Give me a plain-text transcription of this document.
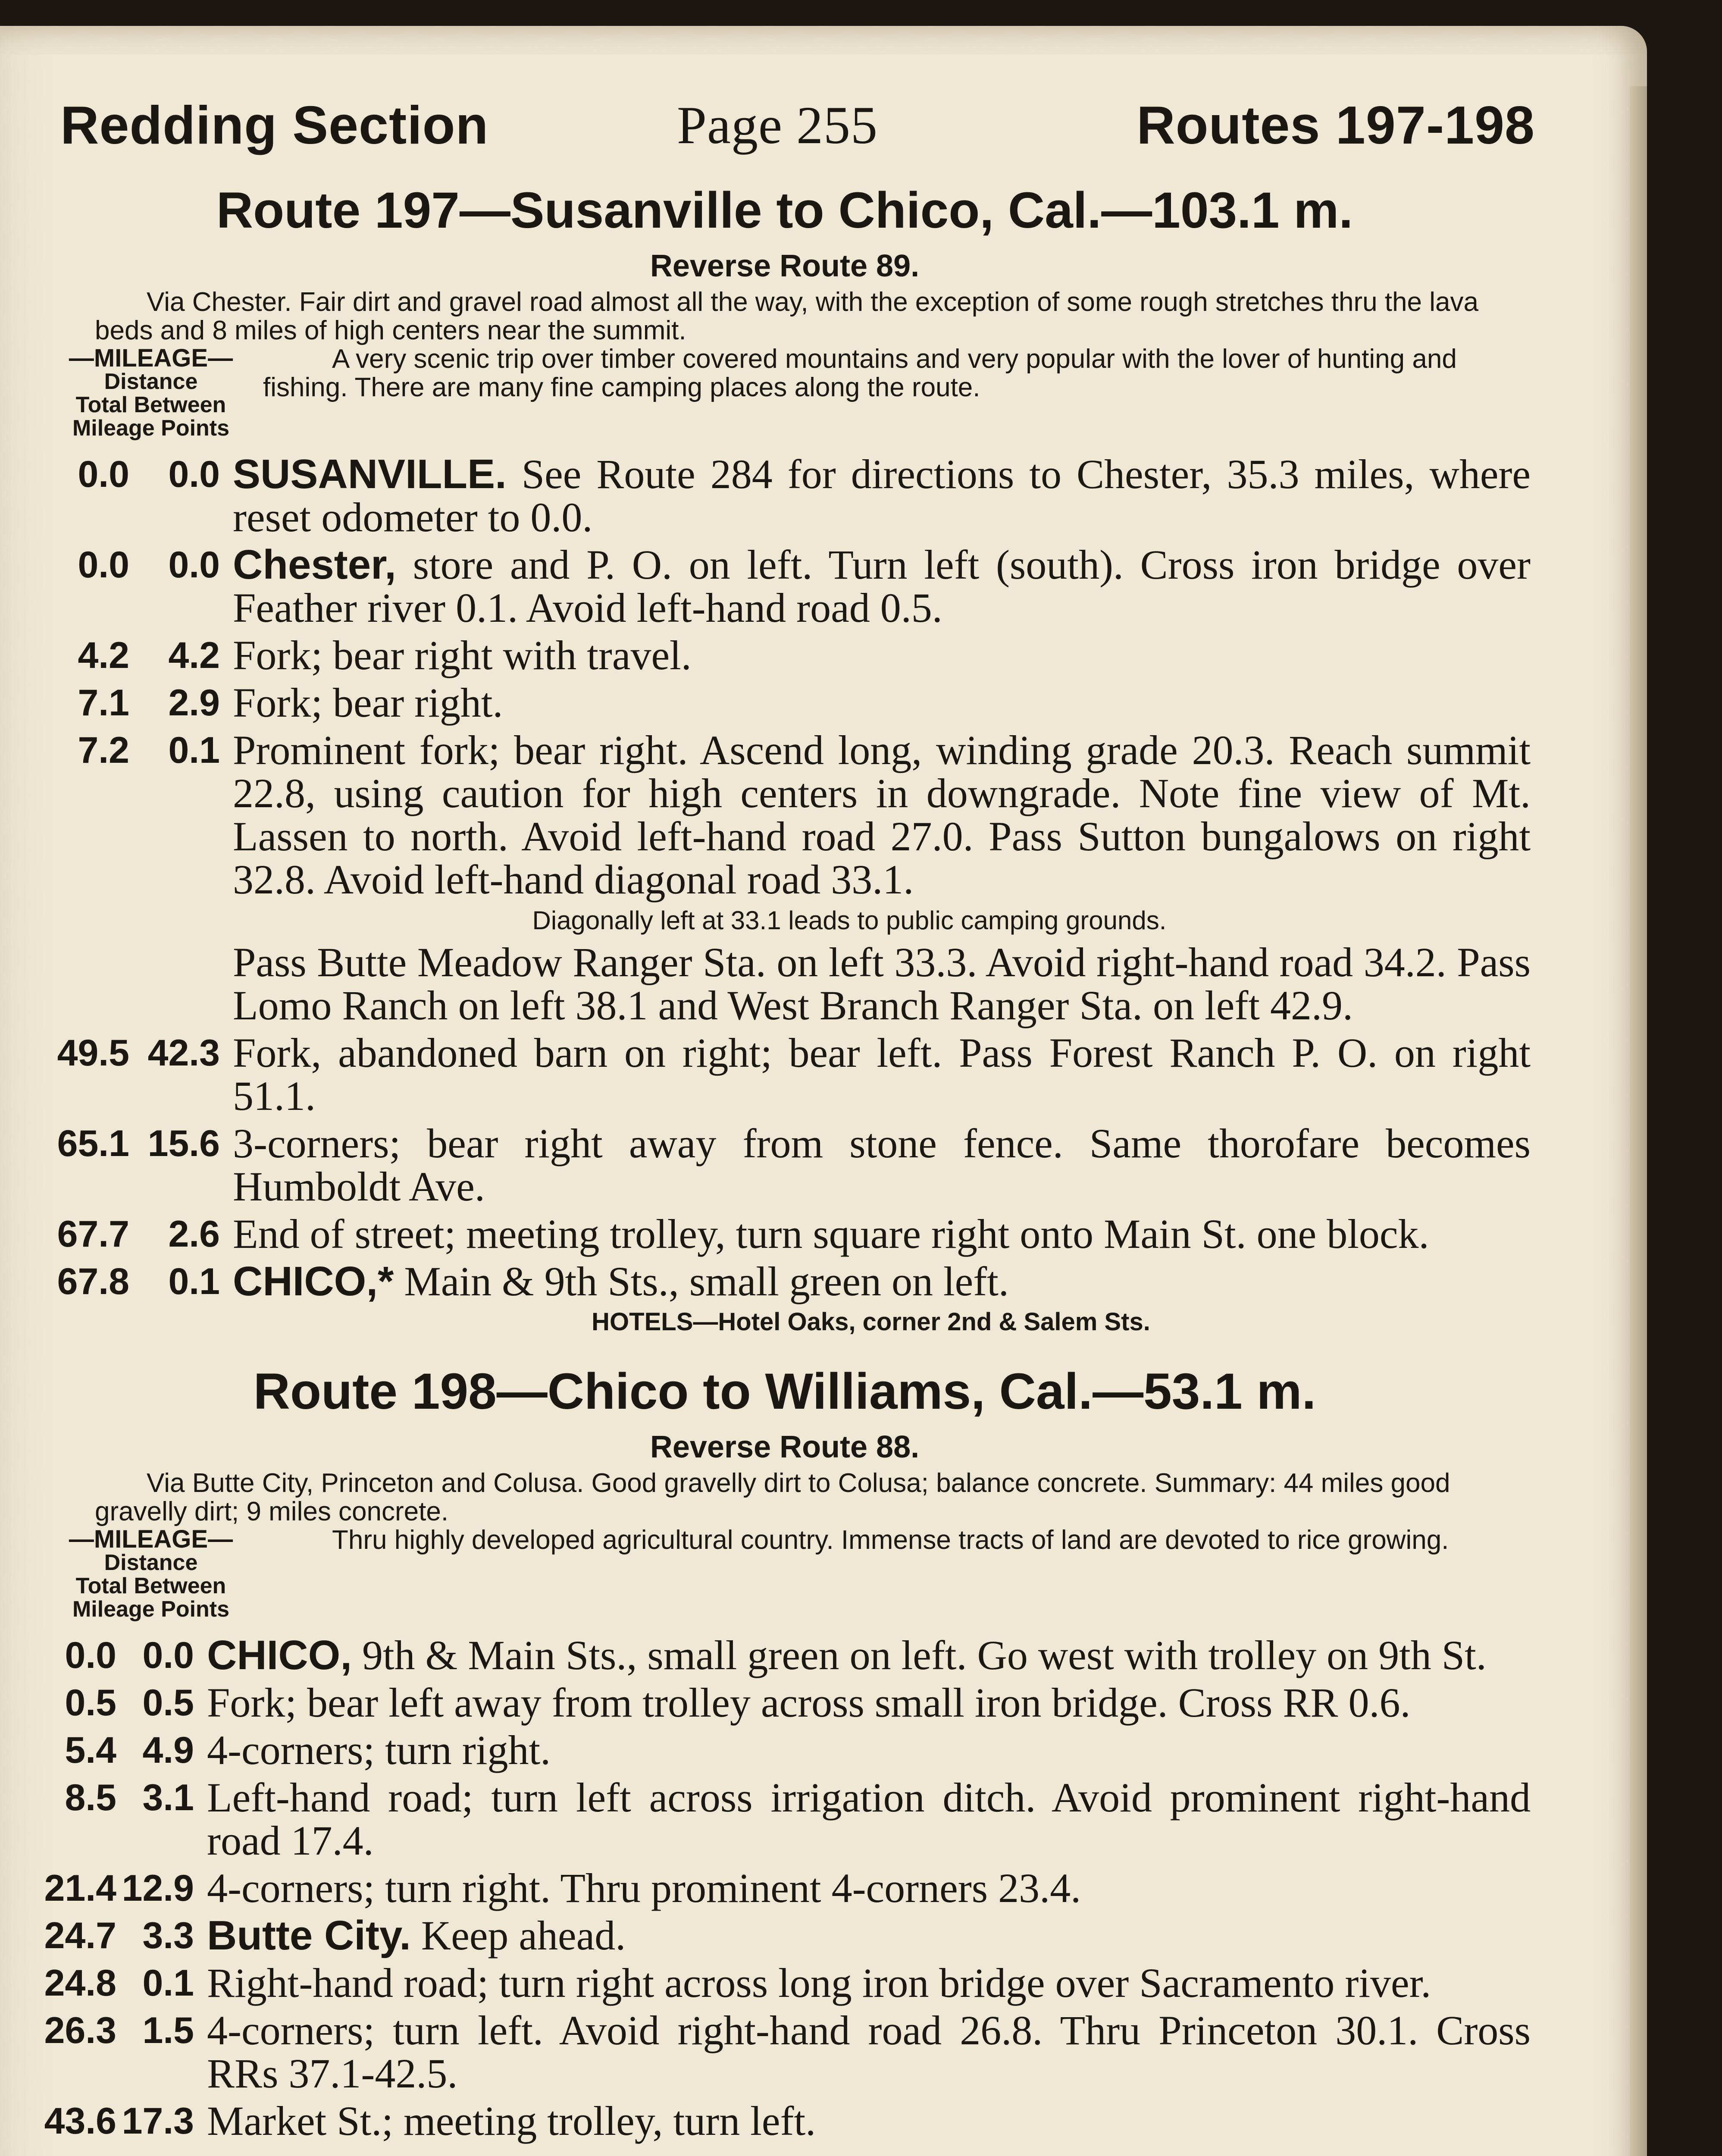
Redding Section	Page 255	Routes 197-198
Route 197—Susanville to Chico, Cal.—103.1 m.
Reverse Route 89.
Via Chester. Fair dirt and gravel road almost all the way, with the exception of some rough stretches thru the lava beds and 8 miles of high centers near the summit.
—MILEAGE—
Distance
Total Between
Mileage Points
A very scenic trip over timber covered mountains and very popular with the lover of hunting and fishing. There are many fine camping places along the route.
0.0	0.0 SUSANVILLE. See Route 284 for directions to Chester, 35.3 miles, where reset odometer to 0.0.
0.0	0.0 Chester, store and P. O. on left. Turn left (south). Cross iron bridge over Feather river 0.1. Avoid left-hand road 0.5.
4.2	4.2 Fork; bear right with travel.
7.1	2.9 Fork; bear right.
7.2	0.1 Prominent fork; bear right. Ascend long, winding grade 20.3. Reach summit 22.8, using caution for high centers in downgrade. Note fine view of Mt. Lassen to north. Avoid left-hand road 27.0. Pass Sutton bungalows on right 32.8. Avoid left-hand diagonal road 33.1.
Diagonally left at 33.1 leads to public camping grounds.
Pass Butte Meadow Ranger Sta. on left 33.3. Avoid right-hand road 34.2. Pass Lomo Ranch on left 38.1 and West Branch Ranger Sta. on left 42.9.
49.5 42.3 Fork, abandoned barn on right; bear left. Pass Forest Ranch P. O. on right 51.1.
65.1 15.6 3-corners; bear right away from stone fence. Same thorofare becomes Humboldt Ave.
67.7	2.6 End of street; meeting trolley, turn square right onto Main St. one block.
67.8	0.1 CHICO,* Main & 9th Sts., small green on left.
HOTELS—Hotel Oaks, corner 2nd & Salem Sts.
Route 198—Chico to Williams, Cal.—53.1 m.
Reverse Route 88.
Via Butte City, Princeton and Colusa. Good gravelly dirt to Colusa; balance concrete. Summary: 44 miles good gravelly dirt; 9 miles concrete.
—MILEAGE—
Distance
Total Between
Mileage Points
Thru highly developed agricultural country. Immense tracts of land are devoted to rice growing.
0.0 0.0 CHICO, 9th & Main Sts., small green on left. Go west with trolley on 9th St.
0.5 0.5 Fork; bear left away from trolley across small iron bridge. Cross RR 0.6.
5.4 4.9 4-corners; turn right.
8.5 3.1 Left-hand road; turn left across irrigation ditch. Avoid prominent right-hand road 17.4.
21.4 12.9 4-corners; turn right. Thru prominent 4-corners 23.4.
24.7 3.3 Butte City. Keep ahead.
24.8 0.1 Right-hand road; turn right across long iron bridge over Sacramento river.
26.3 1.5 4-corners; turn left. Avoid right-hand road 26.8. Thru Princeton 30.1. Cross RRs 37.1-42.5.
43.6 17.3 Market St.; meeting trolley, turn left.
